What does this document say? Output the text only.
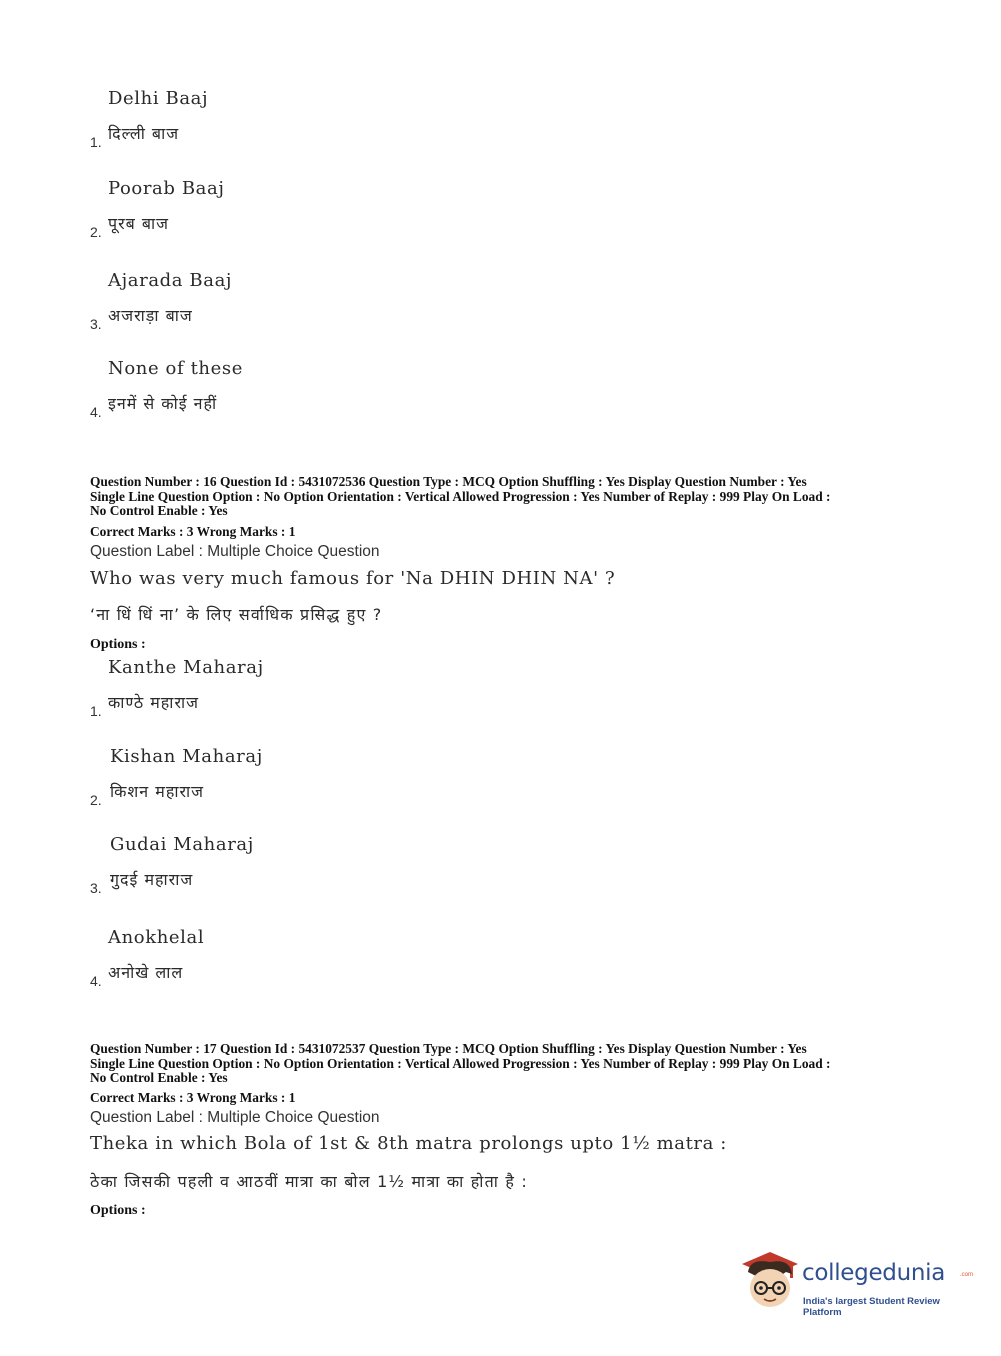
Delhi Baaj
दिल्ली बाज
1.
Poorab Baaj
पूरब बाज
2.
Ajarada Baaj
अजराड़ा बाज
3.
None of these
इनमें से कोई नहीं
4.
Question Number : 16 Question Id : 5431072536 Question Type : MCQ Option Shuffling : Yes Display Question Number : Yes
Single Line Question Option : No Option Orientation : Vertical Allowed Progression : Yes Number of Replay : 999 Play On Load :
No Control Enable : Yes
Correct Marks : 3 Wrong Marks : 1
Question Label : Multiple Choice Question
Who was very much famous for 'Na DHIN DHIN NA' ?
‘ना धिं धिं ना’ के लिए सर्वाधिक प्रसिद्ध हुए ?
Options :
Kanthe Maharaj
काण्ठे महाराज
1.
Kishan Maharaj
किशन महाराज
2.
Gudai Maharaj
गुदई महाराज
3.
Anokhelal
अनोखे लाल
4.
Question Number : 17 Question Id : 5431072537 Question Type : MCQ Option Shuffling : Yes Display Question Number : Yes
Single Line Question Option : No Option Orientation : Vertical Allowed Progression : Yes Number of Replay : 999 Play On Load :
No Control Enable : Yes
Correct Marks : 3 Wrong Marks : 1
Question Label : Multiple Choice Question
Theka in which Bola of 1st & 8th matra prolongs upto 1½ matra :
ठेका जिसकी पहली व आठवीं मात्रा का बोल 1½ मात्रा का होता है :
Options :
collegedunia .com
India's largest Student Review Platform
